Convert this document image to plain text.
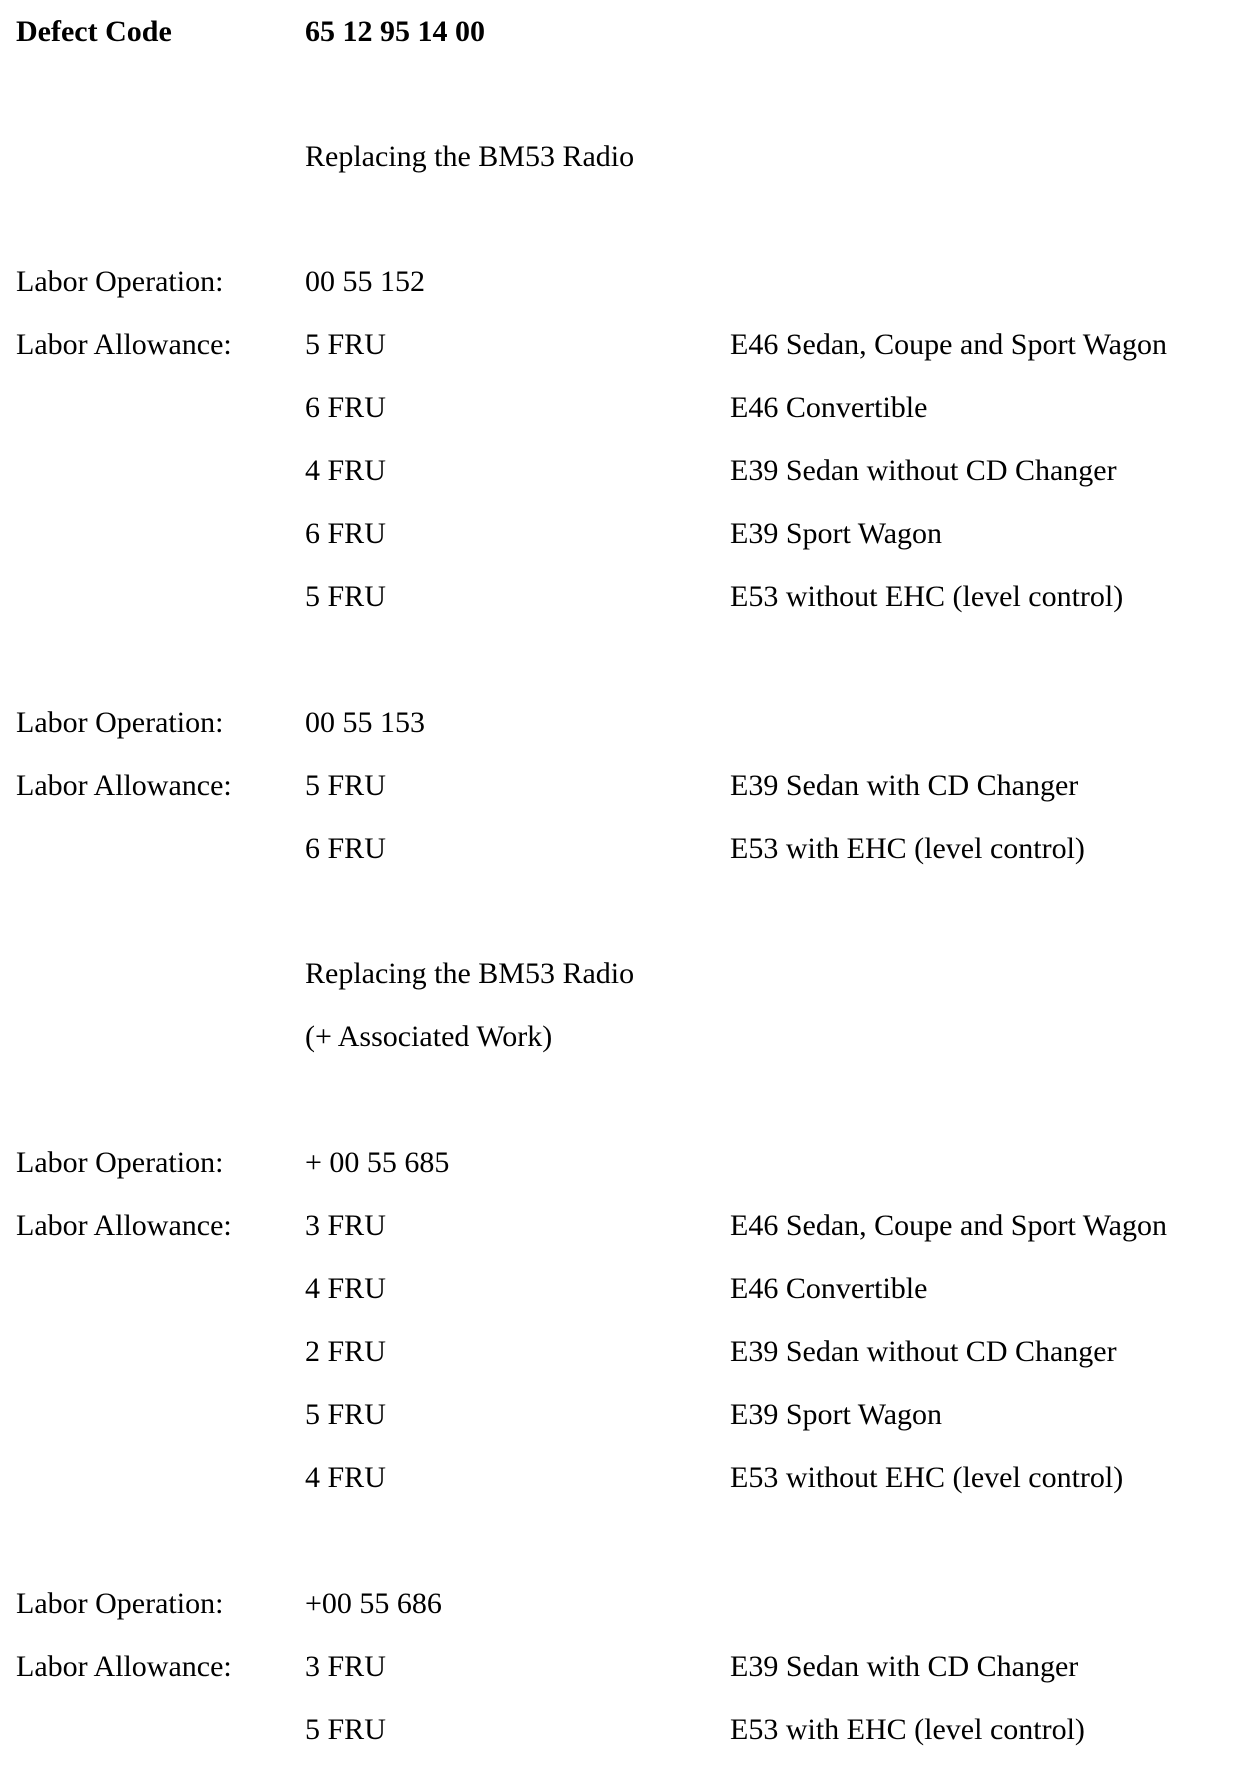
Defect Code	65 12 95 14 00
Replacing the BM53 Radio
Labor Operation:	00 55 152
Labor Allowance: 5 FRU	E46 Sedan, Coupe and Sport Wagon
6 FRU	E46 Convertible
4 FRU	E39 Sedan without CD Changer
6 FRU	E39 Sport Wagon
5 FRU	E53 without EHC (level control)
Labor Operation:	00 55 153
Labor Allowance: 5 FRU	E39 Sedan with CD Changer
6 FRU	E53 with EHC (level control)
Replacing the BM53 Radio
(+ Associated Work)
Labor Operation:	+ 00 55 685
Labor Allowance: 3 FRU	E46 Sedan, Coupe and Sport Wagon
4 FRU	E46 Convertible
2 FRU	E39 Sedan without CD Changer
5 FRU	E39 Sport Wagon
4 FRU	E53 without EHC (level control)
Labor Operation:	+00 55 686
Labor Allowance: 3 FRU	E39 Sedan with CD Changer
5 FRU	E53 with EHC (level control)
